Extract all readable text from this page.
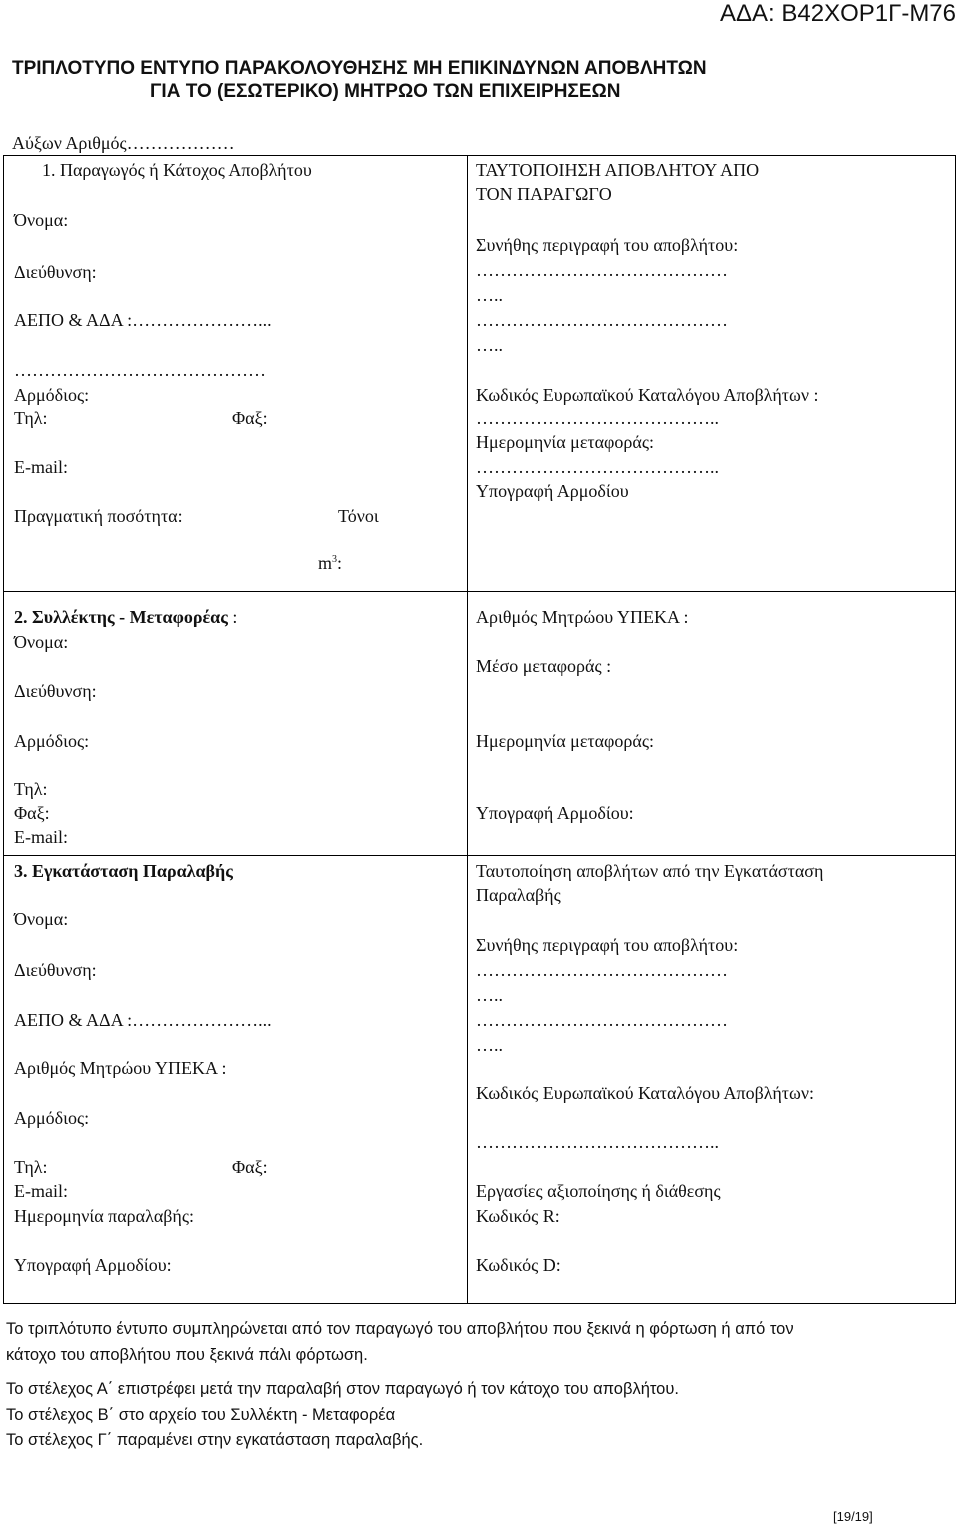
ΑΔΑ: Β42ΧΟΡ1Γ-Μ76
ΤΡΙΠΛΟΤΥΠΟ ΕΝΤΥΠΟ ΠΑΡΑΚΟΛΟΥΘΗΣΗΣ ΜΗ ΕΠΙΚΙΝΔΥΝΩΝ ΑΠΟΒΛΗΤΩΝ
ΓΙΑ ΤΟ (ΕΣΩΤΕΡΙΚΟ) ΜΗΤΡΩΟ ΤΩΝ ΕΠΙΧΕΙΡΗΣΕΩΝ
Αύξων Αριθμός………………
1. Παραγωγός ή Κάτοχος Αποβλήτου
Όνομα:
Διεύθυνση:
ΑΕΠΟ & ΑΔΑ :…………………...
……………………………………
Αρμόδιος:
Τηλ:	Φαξ:
E-mail:
Πραγματική ποσότητα:	Τόνοι
$m^3$:
ΤΑΥΤΟΠΟΙΗΣΗ ΑΠΟΒΛΗΤΟΥ ΑΠΟ
ΤΟΝ ΠΑΡΑΓΩΓΟ
Συνήθης περιγραφή του αποβλήτου:
……………………………………
…..
……………………………………
…..
Κωδικός Ευρωπαϊκού Καταλόγου Αποβλήτων :
…………………………………..
Ημερομηνία μεταφοράς:
…………………………………..
Υπογραφή Αρμοδίου
2. Συλλέκτης - Μεταφορέας :
Όνομα:
Διεύθυνση:
Αρμόδιος:
Τηλ:
Φαξ:
E-mail:
Αριθμός Μητρώου ΥΠΕΚΑ :
Μέσο μεταφοράς :
Ημερομηνία μεταφοράς:
Υπογραφή Αρμοδίου:
3. Εγκατάσταση Παραλαβής
Όνομα:
Διεύθυνση:
ΑΕΠΟ & ΑΔΑ :…………………...
Αριθμός Μητρώου ΥΠΕΚΑ :
Αρμόδιος:
Τηλ:	Φαξ:
E-mail:
Ημερομηνία παραλαβής:
Υπογραφή Αρμοδίου:
Ταυτοποίηση αποβλήτων από την Εγκατάσταση
Παραλαβής
Συνήθης περιγραφή του αποβλήτου:
……………………………………
…..
……………………………………
…..
Κωδικός Ευρωπαϊκού Καταλόγου Αποβλήτων:
…………………………………..
Εργασίες αξιοποίησης ή διάθεσης
Κωδικός R:
Κωδικός D:
Το τριπλότυπο έντυπο συμπληρώνεται από τον παραγωγό του αποβλήτου που ξεκινά η φόρτωση ή από τον
κάτοχο του αποβλήτου που ξεκινά πάλι φόρτωση.
Το στέλεχος Α΄ επιστρέφει μετά την παραλαβή στον παραγωγό ή τον κάτοχο του αποβλήτου.
Το στέλεχος Β΄ στο αρχείο του Συλλέκτη - Μεταφορέα
Το στέλεχος Γ΄ παραμένει στην εγκατάσταση παραλαβής.
[19/19]
